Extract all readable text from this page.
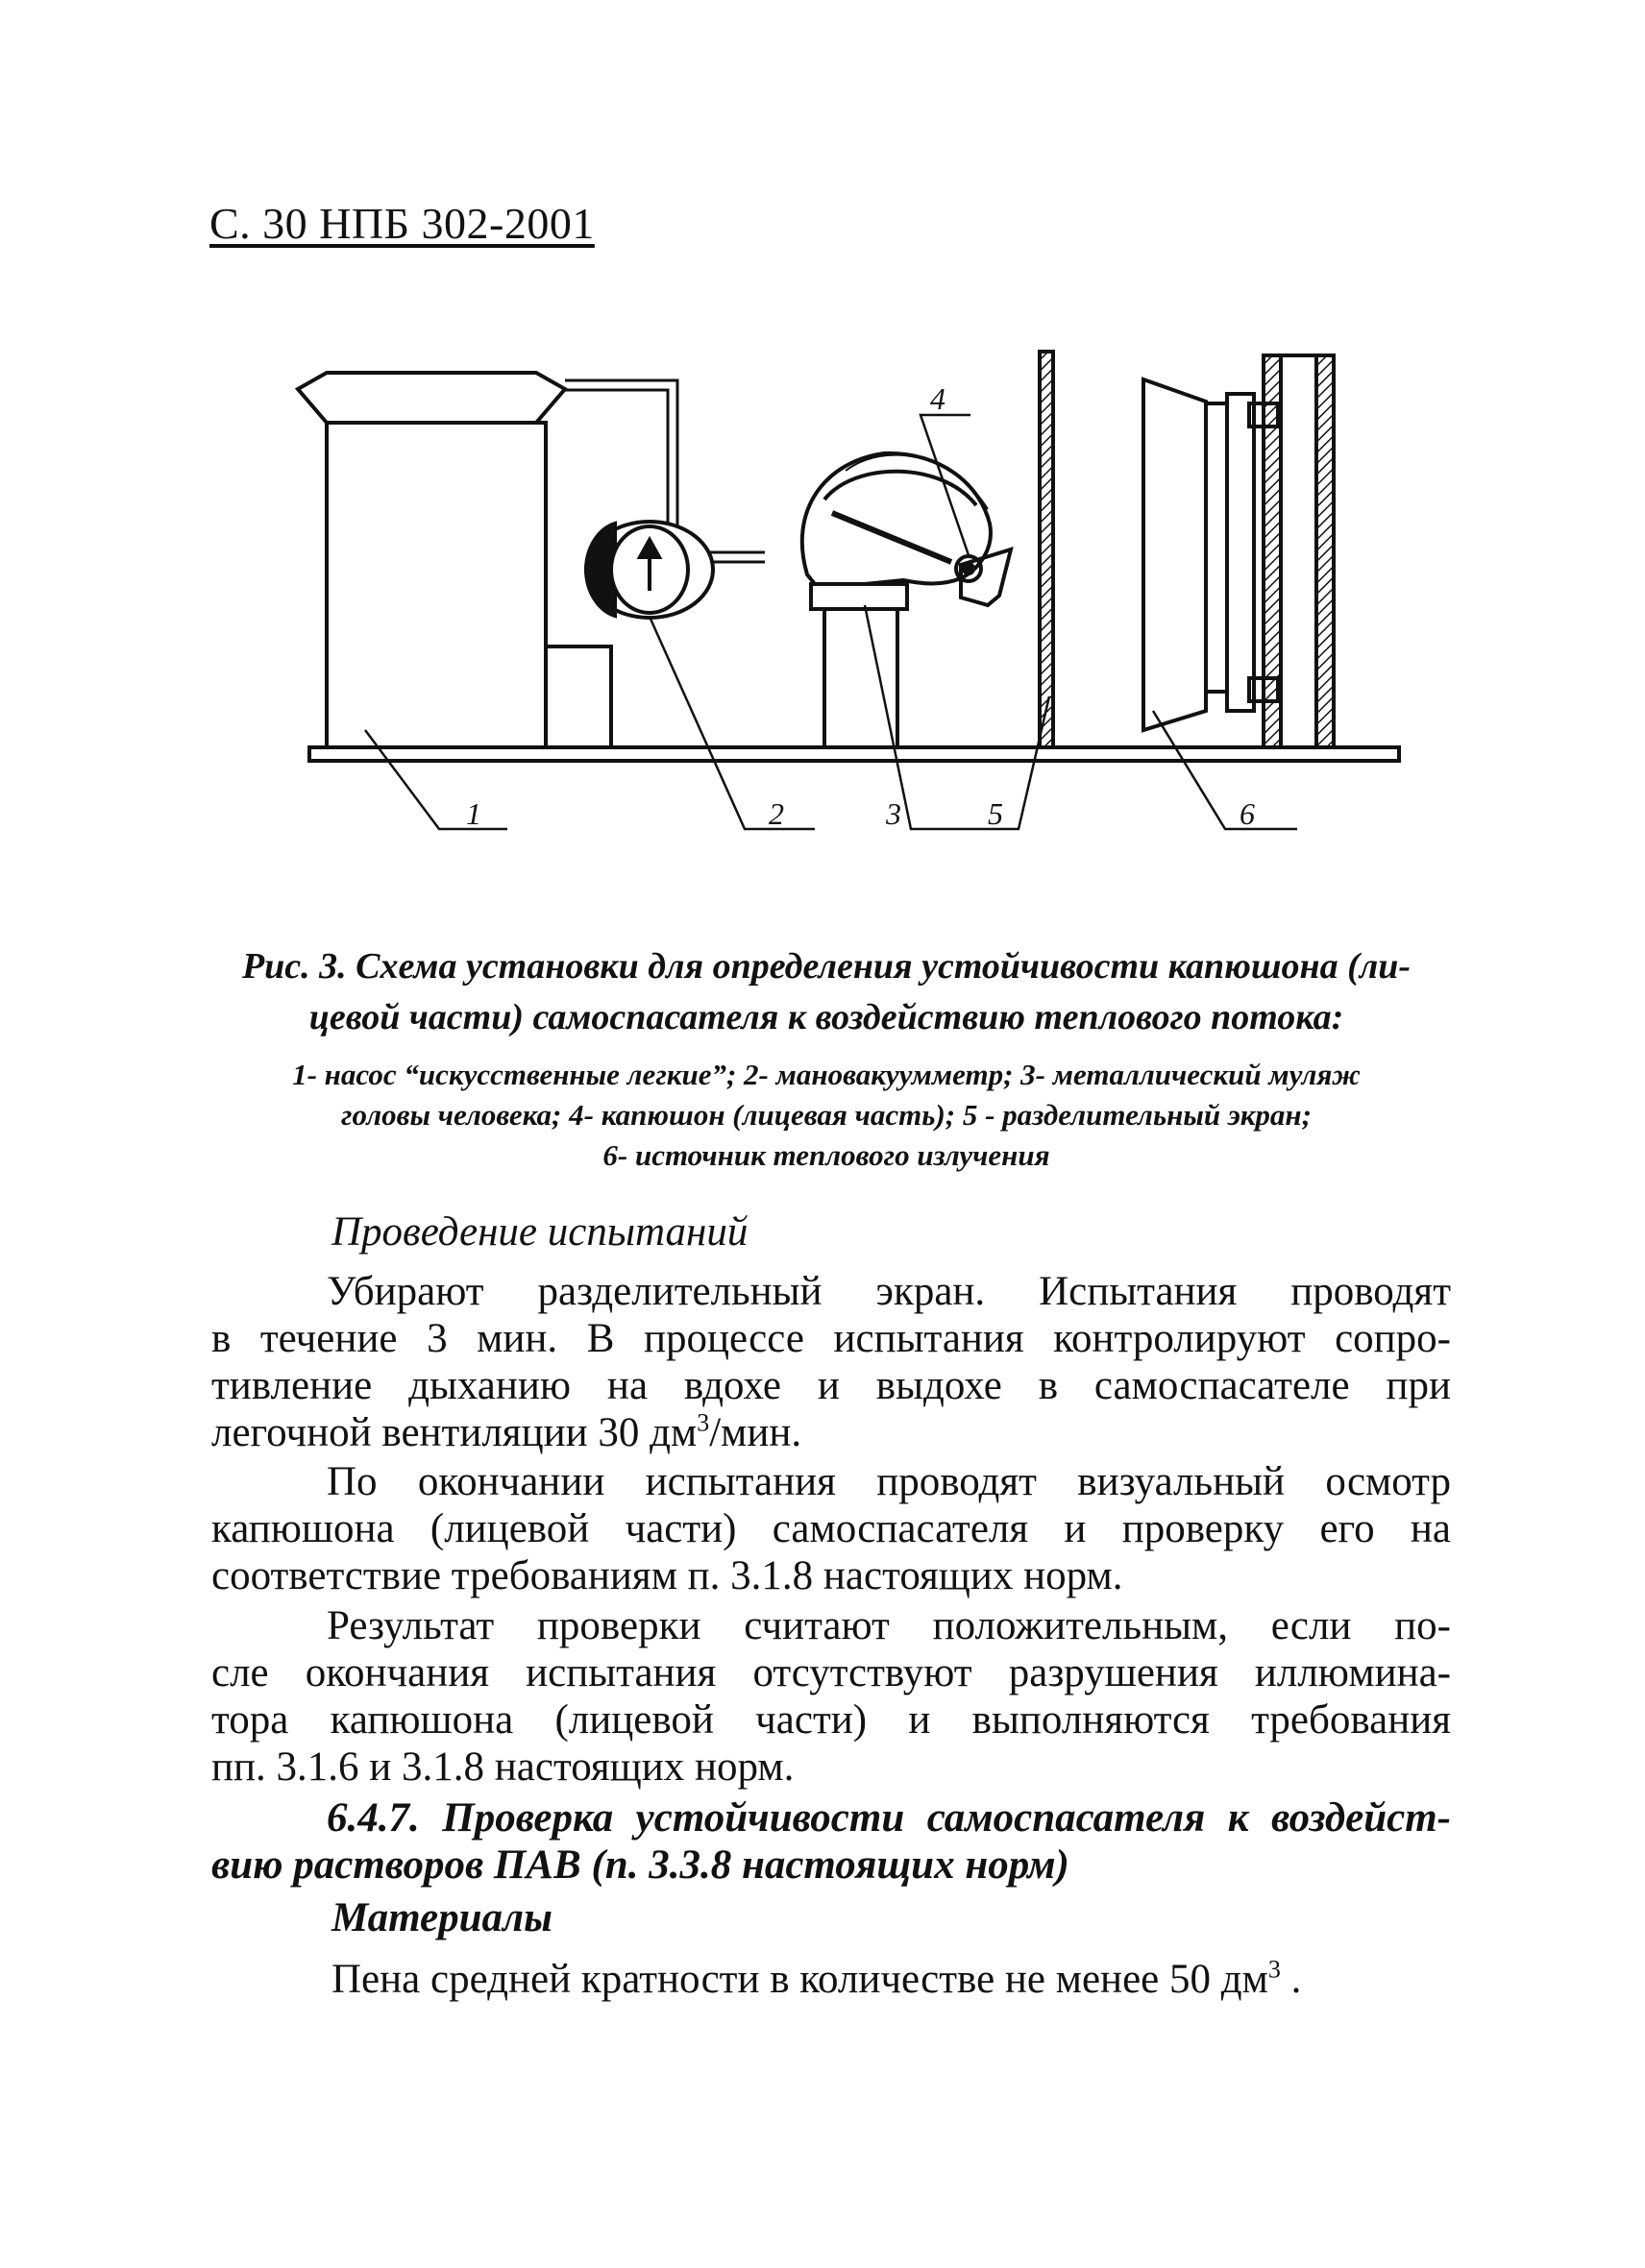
С. 30 НПБ 302-2001
1	2	3	5	6
4
Рис. 3. Схема установки для определения устойчивости капюшона (ли-
цевой части) самоспасателя к воздействию теплового потока:
1- насос “искусственные легкие”; 2- мановакуумметр; 3- металлический муляж
головы человека; 4- капюшон (лицевая часть); 5 - разделительный экран;
6- источник теплового излучения
Проведение испытаний
Убирают разделительный экран. Испытания проводят
в течение 3 мин. В процессе испытания контролируют сопро-
тивление дыханию на вдохе и выдохе в самоспасателе при
легочной вентиляции 30 $дм^3$/мин.
По окончании испытания проводят визуальный осмотр
капюшона (лицевой части) самоспасателя и проверку его на
соответствие требованиям п. 3.1.8 настоящих норм.
Результат проверки считают положительным, если по-
сле окончания испытания отсутствуют разрушения иллюмина-
тора капюшона (лицевой части) и выполняются требования
пп. 3.1.6 и 3.1.8 настоящих норм.
6.4.7. Проверка устойчивости самоспасателя к воздейст-
вию растворов ПАВ (п. 3.3.8 настоящих норм)
Материалы
Пена средней кратности в количестве не менее 50 $дм^3$ .
